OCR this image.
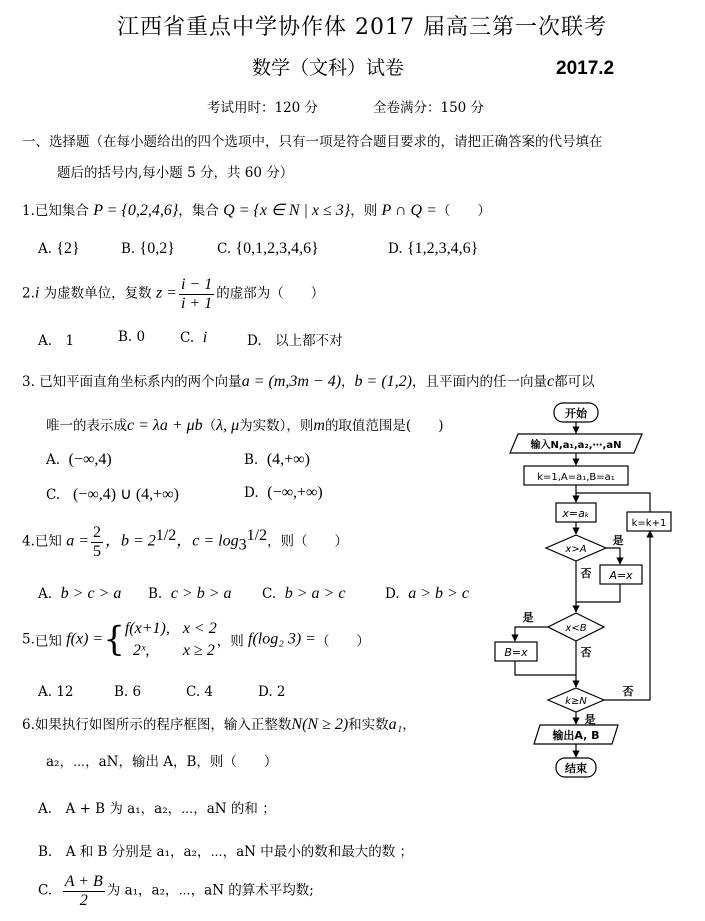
江西省重点中学协作体 2017 届高三第一次联考
数学（文科）试卷	2017.2
考试用时：120 分	全卷满分：150 分
一、选择题（在每小题给出的四个选项中，只有一项是符合题目要求的，请把正确答案的代号填在
题后的括号内,每小题 5 分，共 60 分）
1.已知集合 P = {0,2,4,6}，集合 Q = {x ∈ N | x ≤ 3}，则 P ∩ Q =（　　）
A. {2}	B. {0,2}	C. {0,1,2,3,4,6}	D. {1,2,3,4,6}
2.i 为虚数单位，复数 $z = \frac{i - 1}{i + 1}$ 的虚部为（　　）
A.　1	B. 0	C. i	D.　以上都不对
3. 已知平面直角坐标系内的两个向量a = (m,3m − 4)，b = (1,2)，且平面内的任一向量c都可以
唯一的表示成c = λa + μb（λ, μ为实数），则m的取值范围是(　　)
A. (−∞,4)	B. (4,+∞)
C. (−∞,4) ∪ (4,+∞)	D. (−∞,+∞)
4.已知 $a = \frac{2}{5}$ ，$b = 2^{1/2}$，$c = \log_3^{1/2}$，则（　　）
A. b > c > a B. c > b > a C. b > a > c	D. a > b > c
5.已知 f(x) ={ f(x+1), x < 2
2ˣ, x ≥ 2 ，则 f(log₂ 3) =（　　）
A. 12	B. 6	C. 4	D. 2
6.如果执行如图所示的程序框图，输入正整数N(N ≥ 2)和实数a₁，
a₂，⋯，aN，输出 A，B，则（　　）
A.　A + B 为 a₁，a₂，⋯，aN 的和 ；
B.　A 和 B 分别是 a₁，a₂，⋯，aN 中最小的数和最大的数 ；
C. $\frac{A + B}{2}$ 为 a₁，a₂，⋯，aN 的算术平均数;
开始
输入N,a₁,a₂,⋯,aN
k=1,A=a₁,B=a₁
x=aₖ
k=k+1
x>A
是
否 A=x
x<B
是
否
B=x
k≥N
否
是
输出A, B
结束
